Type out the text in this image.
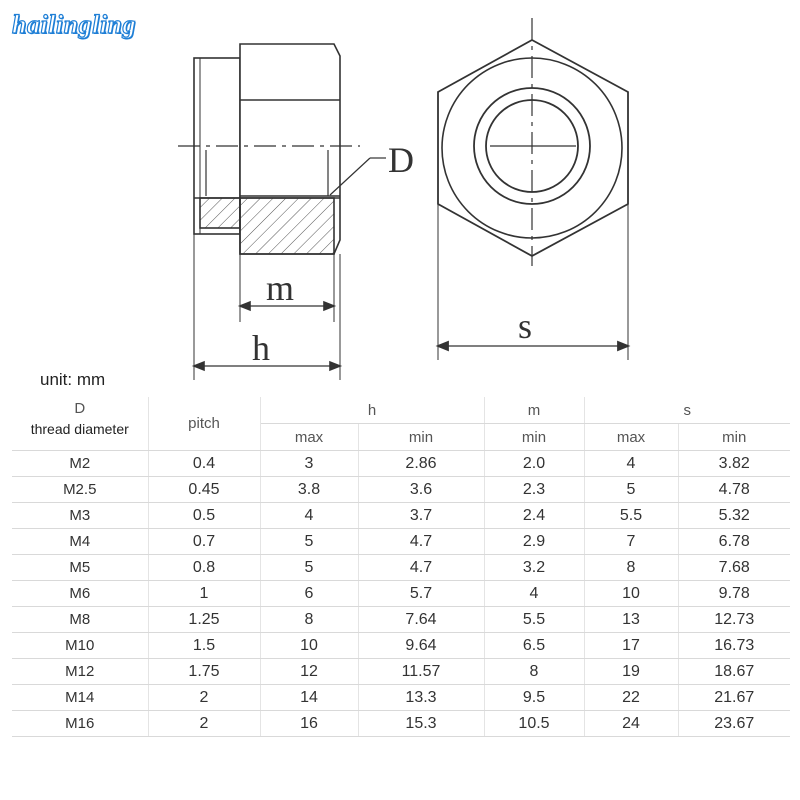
hailingling
D
m
h
s
unit: mm
D
thread diameter	pitch	h		m	s	
		max	min	min	max	min
M2	0.4	3	2.86	2.0	4	3.82
M2.5	0.45	3.8	3.6	2.3	5	4.78
M3	0.5	4	3.7	2.4	5.5	5.32
M4	0.7	5	4.7	2.9	7	6.78
M5	0.8	5	4.7	3.2	8	7.68
M6	1	6	5.7	4	10	9.78
M8	1.25	8	7.64	5.5	13	12.73
M10	1.5	10	9.64	6.5	17	16.73
M12	1.75	12	11.57	8	19	18.67
M14	2	14	13.3	9.5	22	21.67
M16	2	16	15.3	10.5	24	23.67
